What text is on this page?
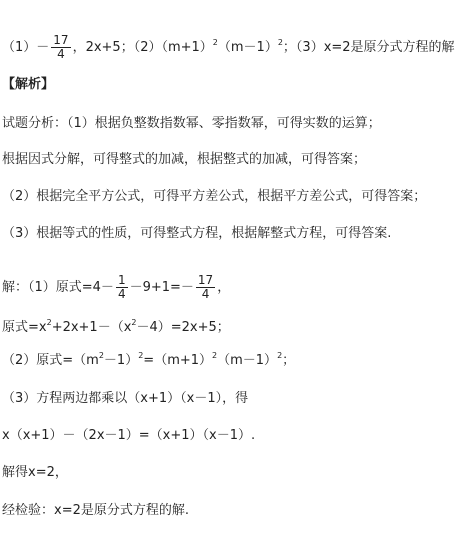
$(1)- \frac{17}{4}$ ，2x+5；$(2)(m+1)^2(m-1)^2$；（3）x=2是原分式方程的解
【解析】
试题分析：（1）根据负整数指数幂、零指数幂，可得实数的运算；
根据因式分解，可得整式的加减，根据整式的加减，可得答案；
（2）根据完全平方公式，可得平方差公式，根据平方差公式，可得答案；
（3）根据等式的性质，可得整式方程，根据解整式方程，可得答案.
解：（1）原式$=4- \frac{1}{4} -9+1=- \frac{17}{4}$ ，
原式$=x^2+2x+1-(x^2-4)=2x+5$；
（2）原式$=(m^2-1)^2=(m+1)^2(m-1)^2$；
（3）方程两边都乘以（x+1）（x－1），得
x（x+1）－（2x－1）=（x+1）（x－1）.
解得x=2，
经检验：x=2是原分式方程的解.
